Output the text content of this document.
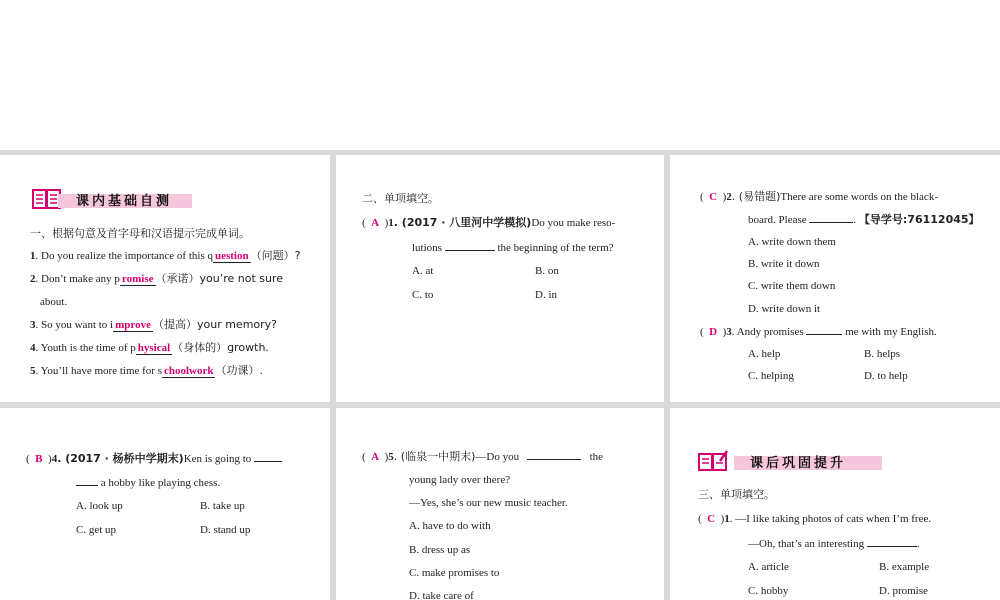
课内基础自测
一、根据句意及首字母和汉语提示完成单词。
1. Do you realize the importance of this q uestion （问题）?
2. Don’t make any p romise （承诺）you’re not sure
about.
3. So you want to i mprove （提高）your memory?
4. Youth is the time of p hysical （身体的）growth.
5. You’ll have more time for s choolwork （功课）.
二、单项填空。
( A )1. (2017 · 八里河中学模拟)Do you make reso-
lutions	the beginning of the term?
A. at	B. on
C. to	D. in
( C )2. (易错题)There are some words on the black-
board. Please	. 【导学号:76112045】
A. write down them
B. write it down
C. write them down
D. write down it
( D )3. Andy promises	me with my English.
A. help	B. helps
C. helping	D. to help
( B )4. (2017 · 杨桥中学期末)Ken is going to
a hobby like playing chess.
A. look up	B. take up
C. get up	D. stand up
( A )5. (临泉一中期末)—Do you	the
young lady over there?
—Yes, she’s our new music teacher.
A. have to do with
B. dress up as
C. make promises to
D. take care of
课后巩固提升
三、单项填空。
( C )1. —I like taking photos of cats when I’m free.
—Oh, that’s an interesting	.
A. article	B. example
C. hobby	D. promise
